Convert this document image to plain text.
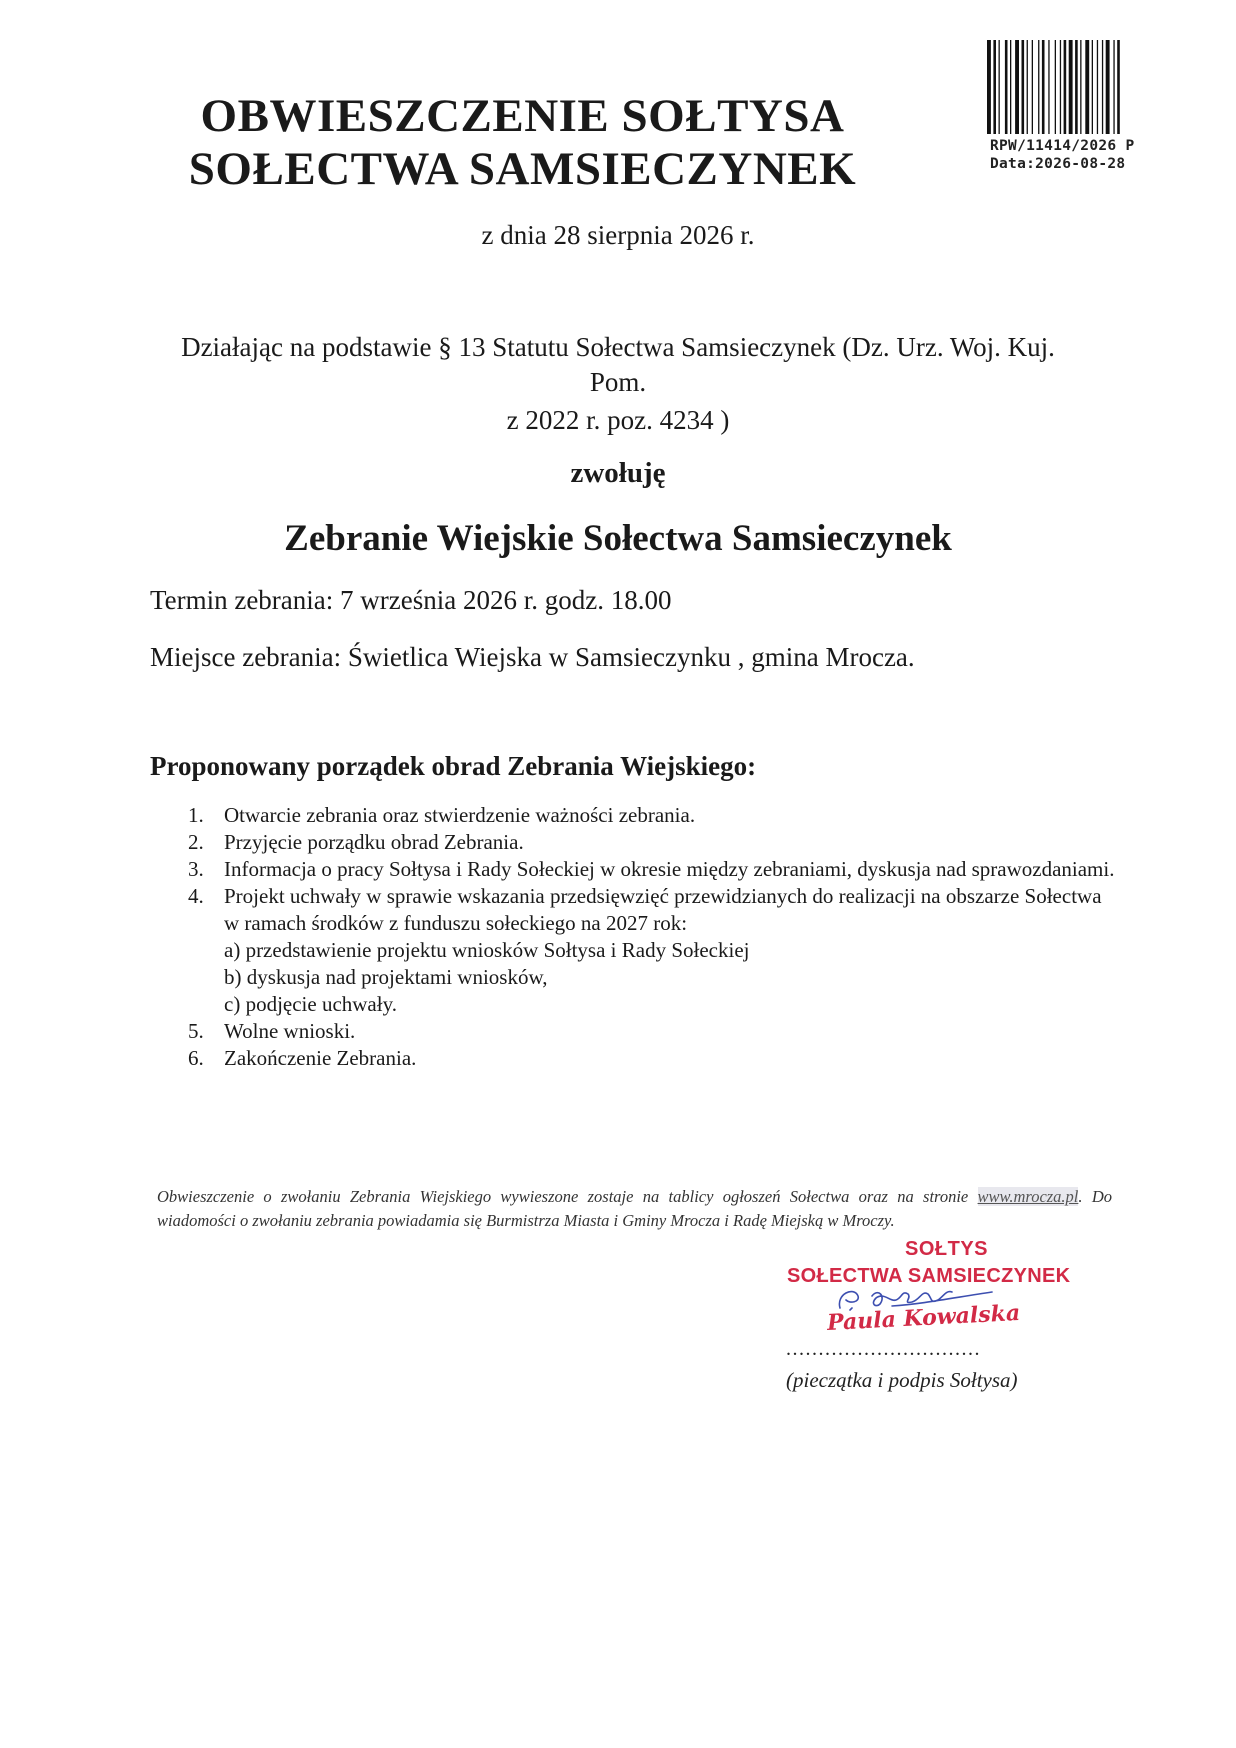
RPW/11414/2026 P
Data:2026-08-28
OBWIESZCZENIE SOŁTYSA
SOŁECTWA SAMSIECZYNEK
z dnia 28 sierpnia 2026 r.
Działając na podstawie § 13 Statutu Sołectwa Samsieczynek (Dz. Urz. Woj. Kuj.
Pom.
z 2022 r. poz. 4234 )
zwołuję
Zebranie Wiejskie Sołectwa Samsieczynek
Termin zebrania: 7 września 2026 r. godz. 18.00
Miejsce zebrania: Świetlica Wiejska w Samsieczynku , gmina Mrocza.
Proponowany porządek obrad Zebrania Wiejskiego:
1. Otwarcie zebrania oraz stwierdzenie ważności zebrania.
2. Przyjęcie porządku obrad Zebrania.
3. Informacja o pracy Sołtysa i Rady Sołeckiej w okresie między zebraniami, dyskusja nad sprawozdaniami.
4. Projekt uchwały w sprawie wskazania przedsięwzięć przewidzianych do realizacji na obszarze Sołectwa w ramach środków z funduszu sołeckiego na 2027 rok:
a) przedstawienie projektu wniosków Sołtysa i Rady Sołeckiej
b) dyskusja nad projektami wniosków,
c) podjęcie uchwały.
5. Wolne wnioski.
6. Zakończenie Zebrania.
Obwieszczenie o zwołaniu Zebrania Wiejskiego wywieszone zostaje na tablicy ogłoszeń Sołectwa oraz na stronie www.mrocza.pl. Do wiadomości o zwołaniu zebrania powiadamia się Burmistrza Miasta i Gminy Mrocza i Radę Miejską w Mroczy.
SOŁTYS
SOŁECTWA SAMSIECZYNEK
Paula Kowalska
..............................
(pieczątka i podpis Sołtysa)
